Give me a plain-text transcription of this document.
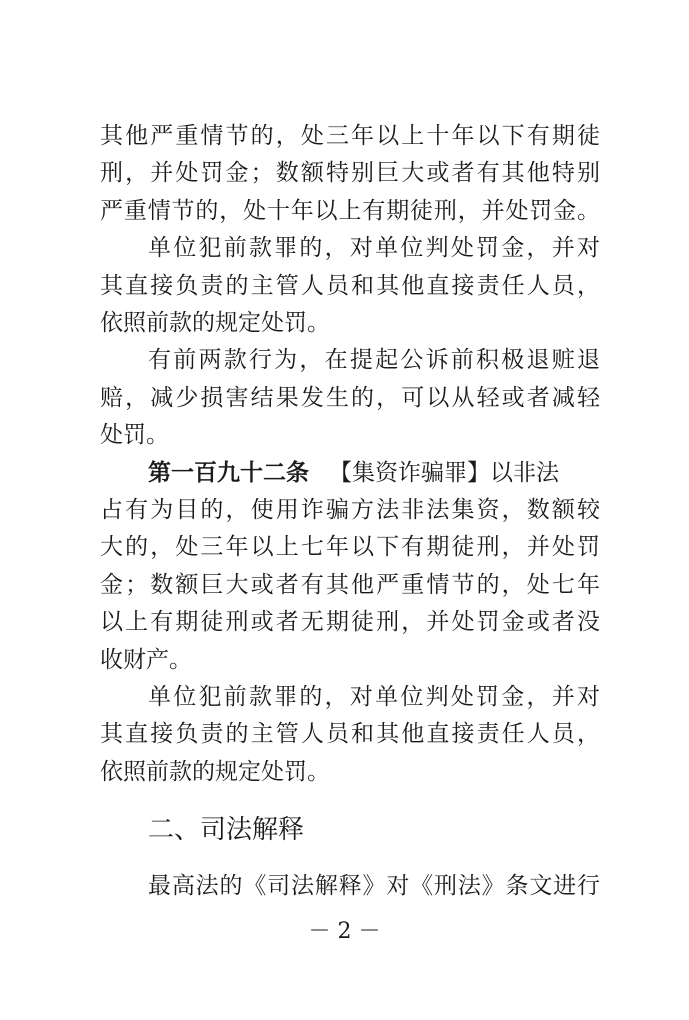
其他严重情节的，处三年以上十年以下有期徒
刑，并处罚金；数额特别巨大或者有其他特别
严重情节的，处十年以上有期徒刑，并处罚金。
单位犯前款罪的，对单位判处罚金，并对
其直接负责的主管人员和其他直接责任人员，
依照前款的规定处罚。
有前两款行为，在提起公诉前积极退赃退
赔，减少损害结果发生的，可以从轻或者减轻
处罚。
第一百九十二条 【集资诈骗罪】以非法
占有为目的，使用诈骗方法非法集资，数额较
大的，处三年以上七年以下有期徒刑，并处罚
金；数额巨大或者有其他严重情节的，处七年
以上有期徒刑或者无期徒刑，并处罚金或者没
收财产。
单位犯前款罪的，对单位判处罚金，并对
其直接负责的主管人员和其他直接责任人员，
依照前款的规定处罚。
二、司法解释
最高法的《司法解释》对《刑法》条文进行
－ 2 －
